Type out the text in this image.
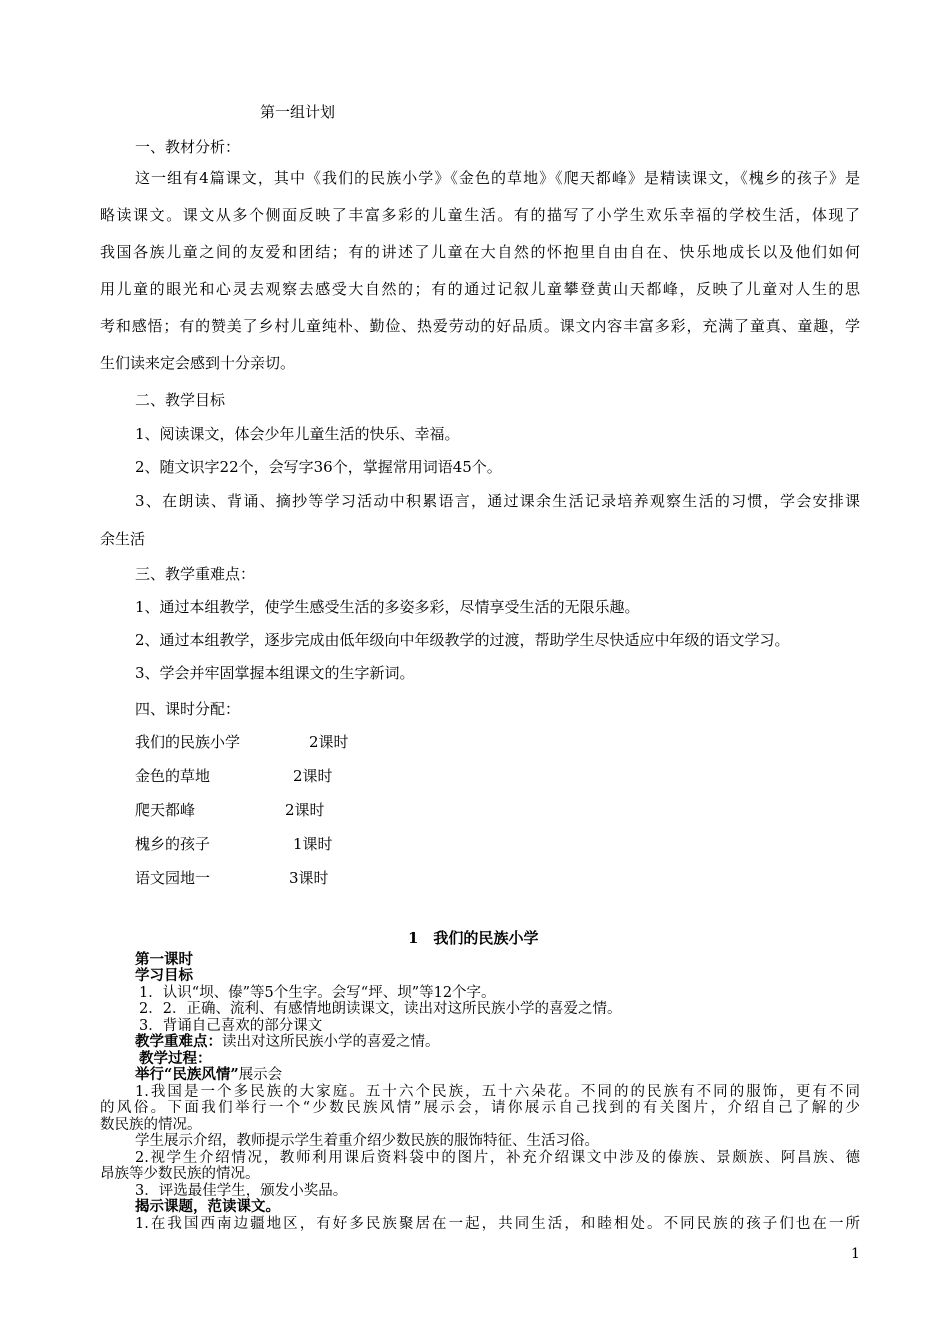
第一组计划
一、教材分析：
这一组有4篇课文，其中《我们的民族小学》《金色的草地》《爬天都峰》是精读课文，《槐乡的孩子》是
略读课文。课文从多个侧面反映了丰富多彩的儿童生活。有的描写了小学生欢乐幸福的学校生活，体现了
我国各族儿童之间的友爱和团结；有的讲述了儿童在大自然的怀抱里自由自在、快乐地成长以及他们如何
用儿童的眼光和心灵去观察去感受大自然的；有的通过记叙儿童攀登黄山天都峰，反映了儿童对人生的思
考和感悟；有的赞美了乡村儿童纯朴、勤俭、热爱劳动的好品质。课文内容丰富多彩，充满了童真、童趣，学
生们读来定会感到十分亲切。
二、教学目标
1、阅读课文，体会少年儿童生活的快乐、幸福。
2、随文识字22个，会写字36个，掌握常用词语45个。
3、在朗读、背诵、摘抄等学习活动中积累语言，通过课余生活记录培养观察生活的习惯，学会安排课
余生活
三、教学重难点：
1、通过本组教学，使学生感受生活的多姿多彩，尽情享受生活的无限乐趣。
2、通过本组教学，逐步完成由低年级向中年级教学的过渡，帮助学生尽快适应中年级的语文学习。
3、学会并牢固掌握本组课文的生字新词。
四、课时分配：
我们的民族小学	2课时
金色的草地	2课时
爬天都峰	2课时
槐乡的孩子	1课时
语文园地一	3课时
1　我们的民族小学
第一课时
学习目标
1．认识“坝、傣”等5个生字。会写“坪、坝”等12个字。
2．2．正确、流利、有感情地朗读课文，读出对这所民族小学的喜爱之情。
3．背诵自己喜欢的部分课文
教学重难点：读出对这所民族小学的喜爱之情。
教学过程：
举行“民族风情”展示会
1.我国是一个多民族的大家庭。五十六个民族，五十六朵花。不同的的民族有不同的服饰，更有不同
的风俗。下面我们举行一个“少数民族风情”展示会，请你展示自己找到的有关图片，介绍自己了解的少
数民族的情况。
学生展示介绍，教师提示学生着重介绍少数民族的服饰特征、生活习俗。
2.视学生介绍情况，教师利用课后资料袋中的图片，补充介绍课文中涉及的傣族、景颇族、阿昌族、德
昂族等少数民族的情况。
3．评选最佳学生，颁发小奖品。
揭示课题，范读课文。
1.在我国西南边疆地区，有好多民族聚居在一起，共同生活，和睦相处。不同民族的孩子们也在一所
1
